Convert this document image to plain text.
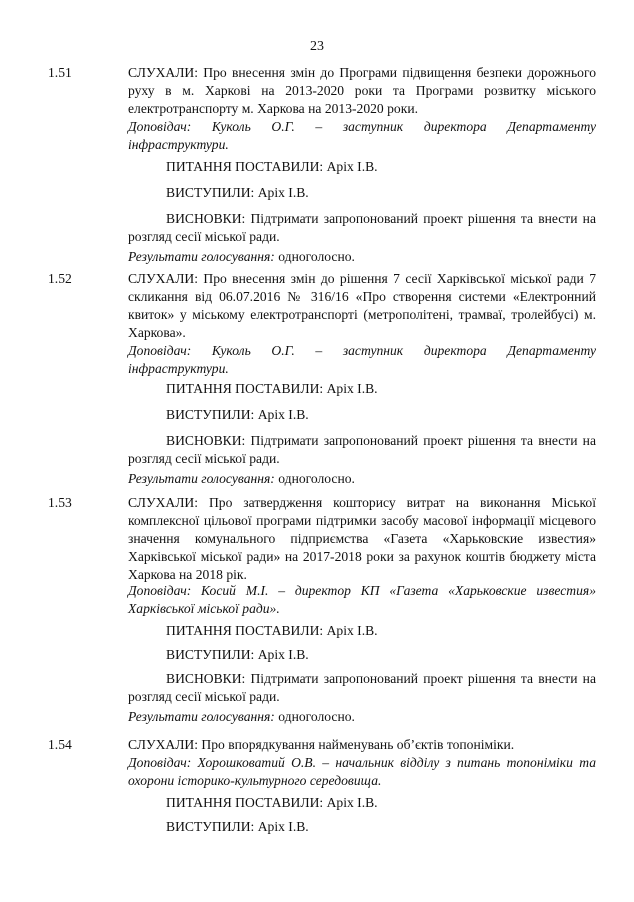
23
1.51	СЛУХАЛИ: Про внесення змін до Програми підвищення безпеки дорожнього руху в м. Харкові на 2013-2020 роки та Програми розвитку міського електротранспорту м. Харкова на 2013-2020 роки.
Доповідач: Куколь О.Г. – заступник директора Департаменту інфраструктури.
ПИТАННЯ ПОСТАВИЛИ: Аріх І.В.
ВИСТУПИЛИ: Аріх І.В.
ВИСНОВКИ: Підтримати запропонований проект рішення та внести на розгляд сесії міської ради.
Результати голосування: одноголосно.
1.52	СЛУХАЛИ: Про внесення змін до рішення 7 сесії Харківської міської ради 7 скликання від 06.07.2016 № 316/16 «Про створення системи «Електронний квиток» у міському електротранспорті (метрополітені, трамваї, тролейбусі) м. Харкова».
Доповідач: Куколь О.Г. – заступник директора Департаменту інфраструктури.
ПИТАННЯ ПОСТАВИЛИ: Аріх І.В.
ВИСТУПИЛИ: Аріх І.В.
ВИСНОВКИ: Підтримати запропонований проект рішення та внести на розгляд сесії міської ради.
Результати голосування: одноголосно.
1.53	СЛУХАЛИ: Про затвердження кошторису витрат на виконання Міської комплексної цільової програми підтримки засобу масової інформації місцевого значення комунального підприємства «Газета «Харьковские известия» Харківської міської ради» на 2017-2018 роки за рахунок коштів бюджету міста Харкова на 2018 рік.
Доповідач: Косий М.І. – директор КП «Газета «Харьковские известия» Харківської міської ради».
ПИТАННЯ ПОСТАВИЛИ: Аріх І.В.
ВИСТУПИЛИ: Аріх І.В.
ВИСНОВКИ: Підтримати запропонований проект рішення та внести на розгляд сесії міської ради.
Результати голосування: одноголосно.
1.54	СЛУХАЛИ: Про впорядкування найменувань об’єктів топоніміки.
Доповідач: Хорошковатий О.В. – начальник відділу з питань топоніміки та охорони історико-культурного середовища.
ПИТАННЯ ПОСТАВИЛИ: Аріх І.В.
ВИСТУПИЛИ: Аріх І.В.
